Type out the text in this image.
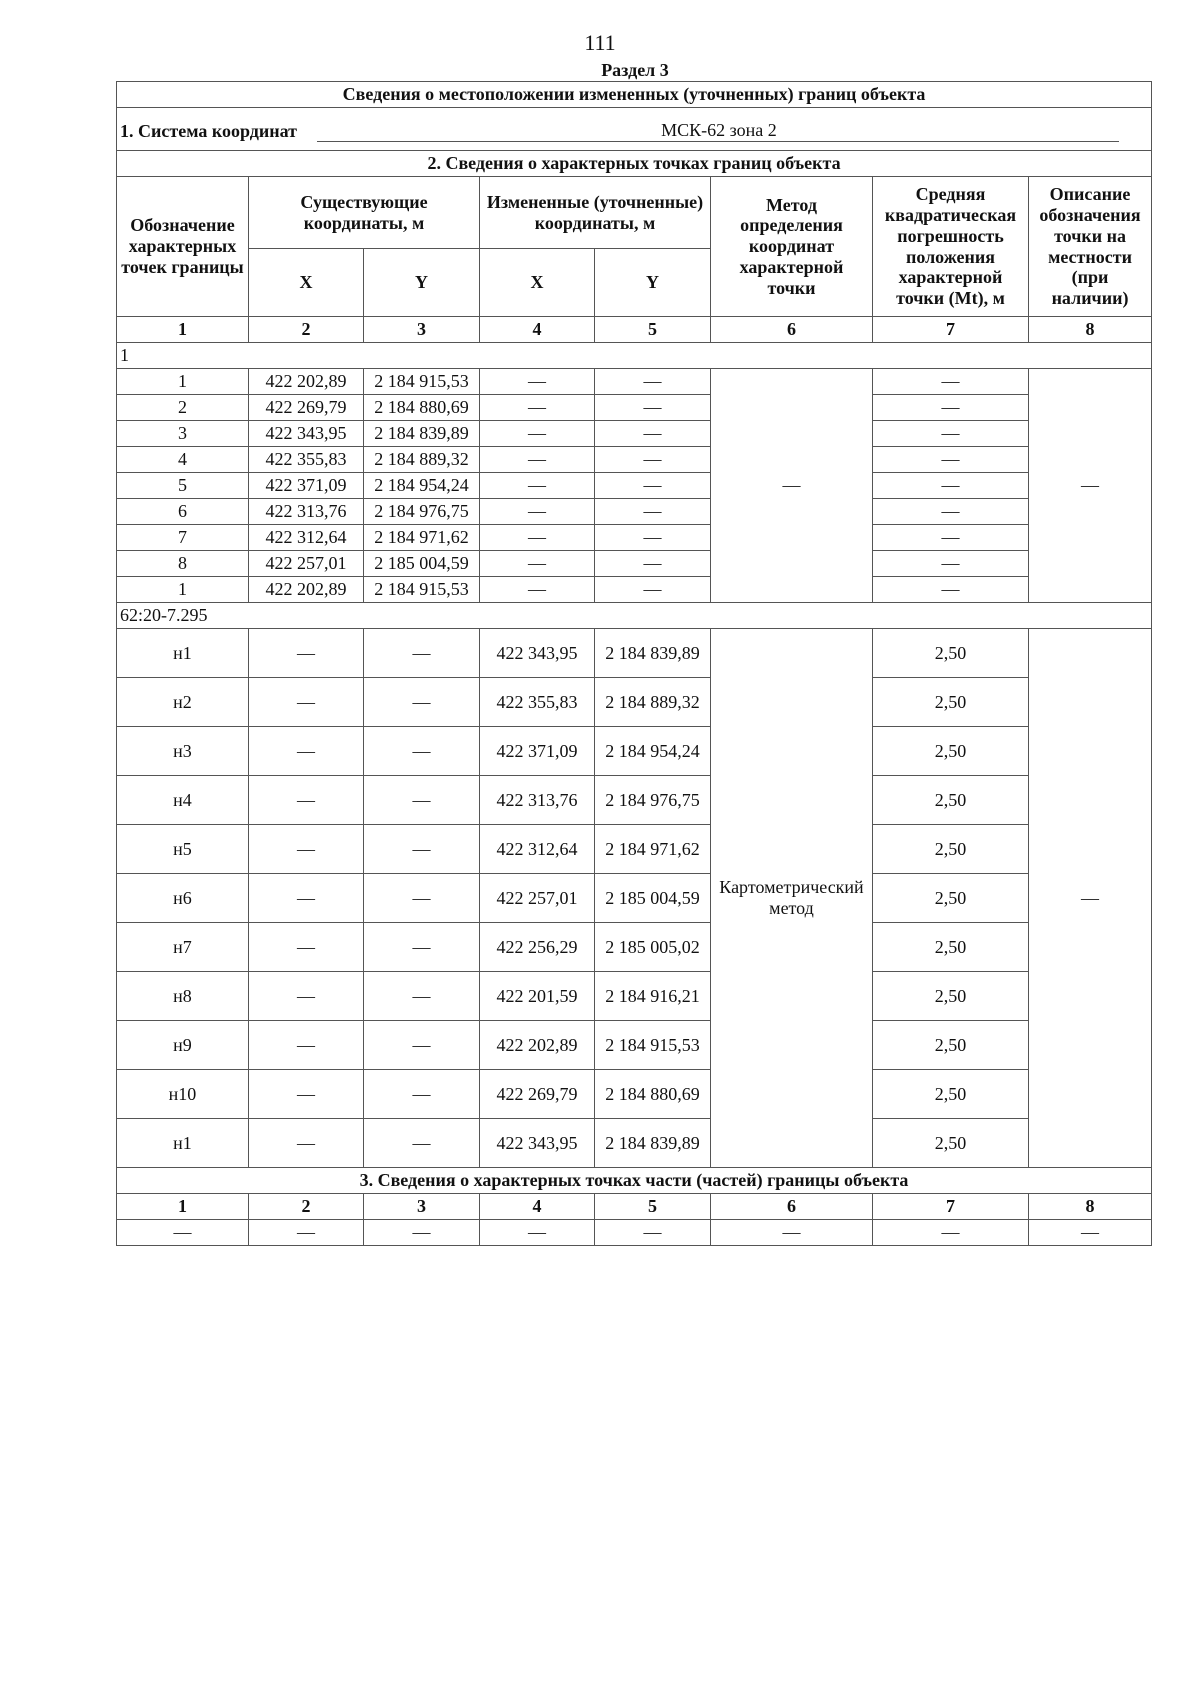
111
Раздел 3
Сведения о местоположении измененных (уточненных) границ объекта							

1. Система координат МСК-62 зона 2							

2. Сведения о характерных точках границ объекта							
Обозначение характерных точек границы	Существующие координаты, м		Измененные (уточненные) координаты, м		Метод определения координат характерной точки	Средняя квадратическая погрешность положения характерной точки (Mt), м	Описание обозначения точки на местности (при наличии)
	X	Y	X	Y			
1	2	3	4	5	6	7	8
1							
1	422 202,89	2 184 915,53	—	—	—	—	—
2	422 269,79	2 184 880,69	—	—		—	
3	422 343,95	2 184 839,89	—	—		—	
4	422 355,83	2 184 889,32	—	—		—	
5	422 371,09	2 184 954,24	—	—		—	
6	422 313,76	2 184 976,75	—	—		—	
7	422 312,64	2 184 971,62	—	—		—	
8	422 257,01	2 185 004,59	—	—		—	
1	422 202,89	2 184 915,53	—	—		—	
62:20-7.295							
н1	—	—	422 343,95	2 184 839,89	Картометрический метод	2,50	—
н2	—	—	422 355,83	2 184 889,32		2,50	
н3	—	—	422 371,09	2 184 954,24		2,50	
н4	—	—	422 313,76	2 184 976,75		2,50	
н5	—	—	422 312,64	2 184 971,62		2,50	
н6	—	—	422 257,01	2 185 004,59		2,50	
н7	—	—	422 256,29	2 185 005,02		2,50	
н8	—	—	422 201,59	2 184 916,21		2,50	
н9	—	—	422 202,89	2 184 915,53		2,50	
н10	—	—	422 269,79	2 184 880,69		2,50	
н1	—	—	422 343,95	2 184 839,89		2,50	
3. Сведения о характерных точках части (частей) границы объекта							
1	2	3	4	5	6	7	8
—	—	—	—	—	—	—	—
